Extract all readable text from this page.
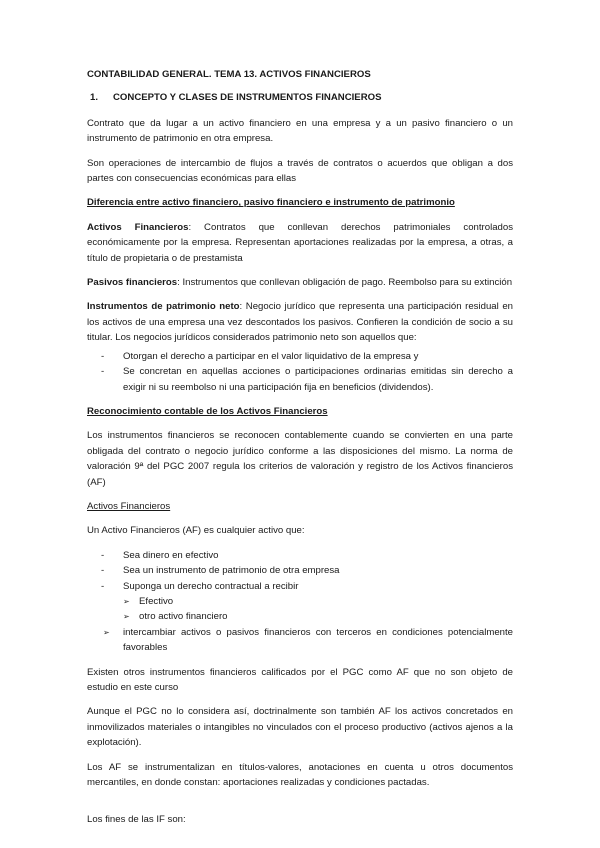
CONTABILIDAD GENERAL. TEMA 13. ACTIVOS FINANCIEROS

1.	CONCEPTO Y CLASES DE INSTRUMENTOS FINANCIEROS

Contrato que da lugar a un activo financiero en una empresa y a un pasivo financiero o un instrumento de patrimonio en otra empresa.

Son operaciones de intercambio de flujos a través de contratos o acuerdos que obligan a dos partes con consecuencias económicas para ellas

Diferencia entre activo financiero, pasivo financiero e instrumento de patrimonio

Activos Financieros: Contratos que conllevan derechos patrimoniales controlados económicamente por la empresa. Representan aportaciones realizadas por la empresa, a otras, a título de propietaria o de prestamista

Pasivos financieros: Instrumentos que conllevan obligación de pago. Reembolso para su extinción

Instrumentos de patrimonio neto: Negocio jurídico que representa una participación residual en los activos de una empresa una vez descontados los pasivos. Confieren la condición de socio a su titular. Los negocios jurídicos considerados patrimonio neto son aquellos que:

-	Otorgan el derecho a participar en el valor liquidativo de la empresa y
-	Se concretan en aquellas acciones o participaciones ordinarias emitidas sin derecho a exigir ni su reembolso ni una participación fija en beneficios (dividendos).

Reconocimiento contable de los Activos Financieros

Los instrumentos financieros se reconocen contablemente cuando se convierten en una parte obligada del contrato o negocio jurídico conforme a las disposiciones del mismo. La norma de valoración 9ª del PGC 2007 regula los criterios de valoración y registro de los Activos financieros (AF)

Activos Financieros

Un Activo Financieros (AF) es cualquier activo que:

-	Sea dinero en efectivo
-	Sea un instrumento de patrimonio de otra empresa
-	Suponga un derecho contractual a recibir
➢ Efectivo
➢ otro activo financiero
➢	intercambiar activos o pasivos financieros con terceros en condiciones potencialmente favorables

Existen otros instrumentos financieros calificados por el PGC como AF que no son objeto de estudio en este curso

Aunque el PGC no lo considera así, doctrinalmente son también AF los activos concretados en inmovilizados materiales o intangibles no vinculados con el proceso productivo (activos ajenos a la explotación).

Los AF se instrumentalizan en títulos-valores, anotaciones en cuenta u otros documentos mercantiles, en donde constan: aportaciones realizadas y condiciones pactadas.

Los fines de las IF son:
